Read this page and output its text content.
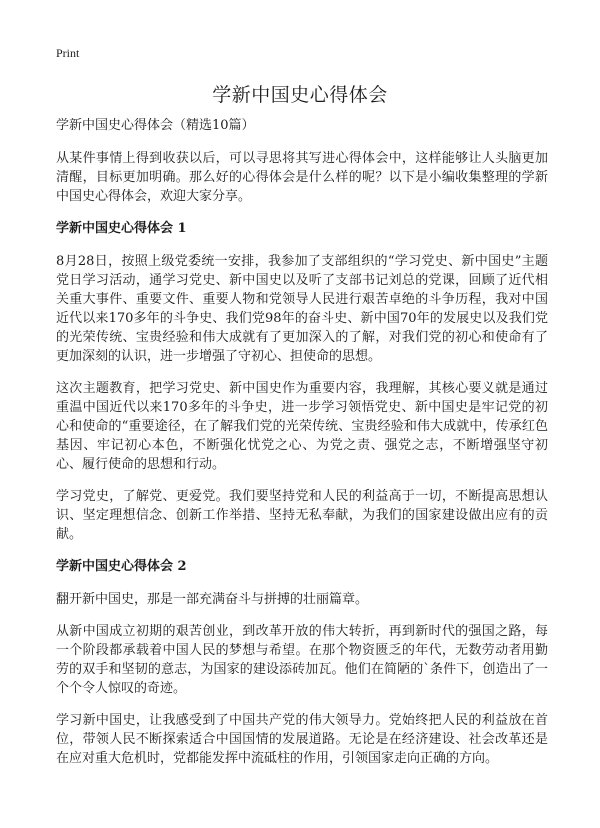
Print
学新中国史心得体会

学新中国史心得体会（精选10篇）

从某件事情上得到收获以后，可以寻思将其写进心得体会中，这样能够让人头脑更加清醒，目标更加明确。那么好的心得体会是什么样的呢？以下是小编收集整理的学新中国史心得体会，欢迎大家分享。

学新中国史心得体会 1

8月28日，按照上级党委统一安排，我参加了支部组织的“学习党史、新中国史”主题党日学习活动，通学习党史、新中国史以及听了支部书记刘总的党课，回顾了近代相关重大事件、重要文件、重要人物和党领导人民进行艰苦卓绝的斗争历程，我对中国近代以来170多年的斗争史、我们党98年的奋斗史、新中国70年的发展史以及我们党的光荣传统、宝贵经验和伟大成就有了更加深入的了解，对我们党的初心和使命有了更加深刻的认识，进一步增强了守初心、担使命的思想。

这次主题教育，把学习党史、新中国史作为重要内容，我理解，其核心要义就是通过重温中国近代以来170多年的斗争史，进一步学习领悟党史、新中国史是牢记党的初心和使命的“重要途径，在了解我们党的光荣传统、宝贵经验和伟大成就中，传承红色基因、牢记初心本色，不断强化忧党之心、为党之责、强党之志，不断增强坚守初心、履行使命的思想和行动。

学习党史，了解党、更爱党。我们要坚持党和人民的利益高于一切，不断提高思想认识、坚定理想信念、创新工作举措、坚持无私奉献，为我们的国家建设做出应有的贡献。

学新中国史心得体会 2

翻开新中国史，那是一部充满奋斗与拼搏的壮丽篇章。

从新中国成立初期的艰苦创业，到改革开放的伟大转折，再到新时代的强国之路，每一个阶段都承载着中国人民的梦想与希望。在那个物资匮乏的年代，无数劳动者用勤劳的双手和坚韧的意志，为国家的建设添砖加瓦。他们在简陋的`条件下，创造出了一个个令人惊叹的奇迹。

学习新中国史，让我感受到了中国共产党的伟大领导力。党始终把人民的利益放在首位，带领人民不断探索适合中国国情的发展道路。无论是在经济建设、社会改革还是在应对重大危机时，党都能发挥中流砥柱的作用，引领国家走向正确的方向。
